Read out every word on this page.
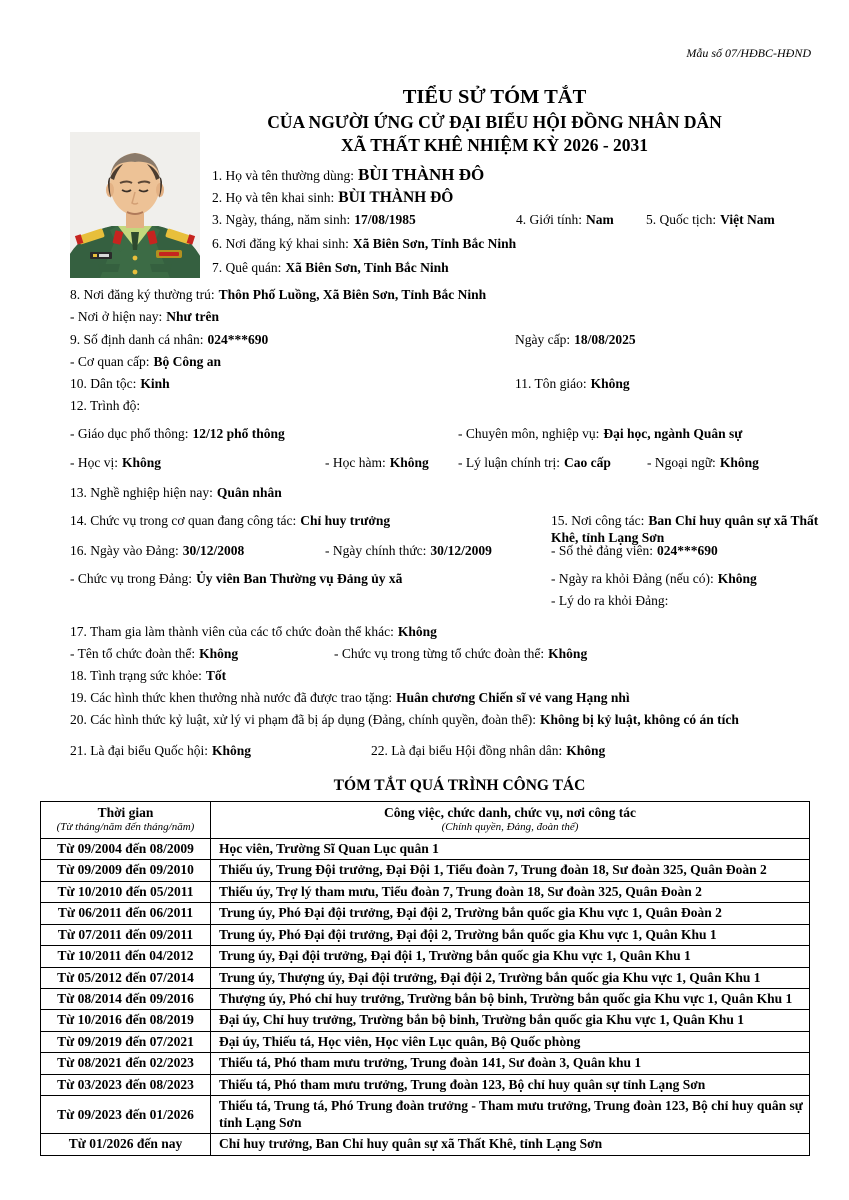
Mẫu số 07/HĐBC-HĐND
TIỂU SỬ TÓM TẮT
CỦA NGƯỜI ỨNG CỬ ĐẠI BIỂU HỘI ĐỒNG NHÂN DÂN
XÃ THẤT KHÊ NHIỆM KỲ 2026 - 2031
1. Họ và tên thường dùng: BÙI THÀNH ĐÔ
2. Họ và tên khai sinh: BÙI THÀNH ĐÔ
3. Ngày, tháng, năm sinh: 17/08/1985	4. Giới tính: Nam 5. Quốc tịch: Việt Nam
6. Nơi đăng ký khai sinh: Xã Biên Sơn, Tỉnh Bắc Ninh
7. Quê quán: Xã Biên Sơn, Tỉnh Bắc Ninh
8. Nơi đăng ký thường trú: Thôn Phố Luồng, Xã Biên Sơn, Tỉnh Bắc Ninh
- Nơi ở hiện nay: Như trên
9. Số định danh cá nhân: 024***690	Ngày cấp: 18/08/2025
- Cơ quan cấp: Bộ Công an
10. Dân tộc: Kinh	11. Tôn giáo: Không
12. Trình độ:
- Giáo dục phổ thông: 12/12 phổ thông	- Chuyên môn, nghiệp vụ: Đại học, ngành Quân sự
- Học vị: Không	- Học hàm: Không - Lý luận chính trị: Cao cấp	- Ngoại ngữ: Không
13. Nghề nghiệp hiện nay: Quân nhân
14. Chức vụ trong cơ quan đang công tác: Chỉ huy trưởng	15. Nơi công tác: Ban Chỉ huy quân sự xã Thất Khê, tỉnh Lạng Sơn
16. Ngày vào Đảng: 30/12/2008	- Ngày chính thức: 30/12/2009	- Số thẻ đảng viên: 024***690
- Chức vụ trong Đảng: Ủy viên Ban Thường vụ Đảng ủy xã	- Ngày ra khỏi Đảng (nếu có): Không
- Lý do ra khỏi Đảng:
17. Tham gia làm thành viên của các tổ chức đoàn thể khác: Không
- Tên tổ chức đoàn thể: Không	- Chức vụ trong từng tổ chức đoàn thể: Không
18. Tình trạng sức khỏe: Tốt
19. Các hình thức khen thưởng nhà nước đã được trao tặng: Huân chương Chiến sĩ vẻ vang Hạng nhì
20. Các hình thức kỷ luật, xử lý vi phạm đã bị áp dụng (Đảng, chính quyền, đoàn thể): Không bị kỷ luật, không có án tích
21. Là đại biểu Quốc hội: Không	22. Là đại biểu Hội đồng nhân dân: Không
TÓM TẮT QUÁ TRÌNH CÔNG TÁC
Thời gian
(Từ tháng/năm đến tháng/năm)

Công việc, chức danh, chức vụ, nơi công tác
(Chính quyền, Đảng, đoàn thể)

Từ 09/2004 đến 08/2009	Học viên, Trường Sĩ Quan Lục quân 1
Từ 09/2009 đến 09/2010	Thiếu úy, Trung Đội trưởng, Đại Đội 1, Tiểu đoàn 7, Trung đoàn 18, Sư đoàn 325, Quân Đoàn 2
Từ 10/2010 đến 05/2011	Thiếu úy, Trợ lý tham mưu, Tiểu đoàn 7, Trung đoàn 18, Sư đoàn 325, Quân Đoàn 2
Từ 06/2011 đến 06/2011	Trung úy, Phó Đại đội trưởng, Đại đội 2, Trường bắn quốc gia Khu vực 1, Quân Đoàn 2
Từ 07/2011 đến 09/2011	Trung úy, Phó Đại đội trưởng, Đại đội 2, Trường bắn quốc gia Khu vực 1, Quân Khu 1
Từ 10/2011 đến 04/2012	Trung úy, Đại đội trưởng, Đại đội 1, Trường bắn quốc gia Khu vực 1, Quân Khu 1
Từ 05/2012 đến 07/2014	Trung úy, Thượng úy, Đại đội trưởng, Đại đội 2, Trường bắn quốc gia Khu vực 1, Quân Khu 1
Từ 08/2014 đến 09/2016	Thượng úy, Phó chỉ huy trưởng, Trường bắn bộ binh, Trường bắn quốc gia Khu vực 1, Quân Khu 1
Từ 10/2016 đến 08/2019	Đại úy, Chỉ huy trưởng, Trường bắn bộ binh, Trường bắn quốc gia Khu vực 1, Quân Khu 1
Từ 09/2019 đến 07/2021	Đại úy, Thiếu tá, Học viên, Học viên Lục quân, Bộ Quốc phòng
Từ 08/2021 đến 02/2023	Thiếu tá, Phó tham mưu trưởng, Trung đoàn 141, Sư đoàn 3, Quân khu 1
Từ 03/2023 đến 08/2023	Thiếu tá, Phó tham mưu trưởng, Trung đoàn 123, Bộ chỉ huy quân sự tỉnh Lạng Sơn
Từ 09/2023 đến 01/2026	Thiếu tá, Trung tá, Phó Trung đoàn trưởng - Tham mưu trưởng, Trung đoàn 123, Bộ chỉ huy quân sự tỉnh Lạng Sơn
Từ 01/2026 đến nay	Chỉ huy trưởng, Ban Chỉ huy quân sự xã Thất Khê, tỉnh Lạng Sơn
